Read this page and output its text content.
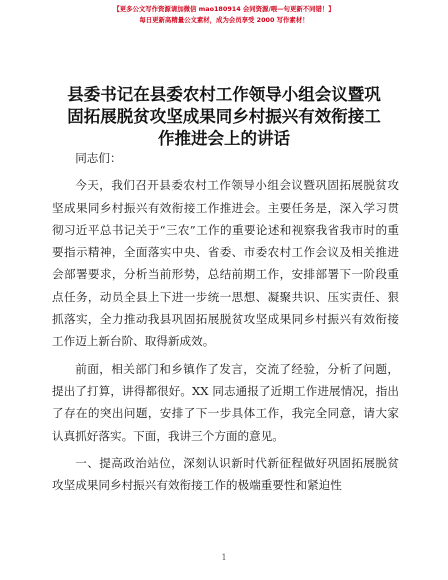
【更多公文写作资源请加微信 mao180914 会同资源/喂—句更新不同错！】
每日更新高精量公文素材，成为会员享受 2000 写作素材！
县委书记在县委农村工作领导小组会议暨巩固拓展脱贫攻坚成果同乡村振兴有效衔接工作推进会上的讲话

同志们：

今天，我们召开县委农村工作领导小组会议暨巩固拓展脱贫攻坚成果同乡村振兴有效衔接工作推进会。主要任务是，深入学习贯彻习近平总书记关于“三农”工作的重要论述和视察我省我市时的重要指示精神，全面落实中央、省委、市委农村工作会议及相关推进会部署要求，分析当前形势，总结前期工作，安排部署下一阶段重点任务，动员全县上下进一步统一思想、凝聚共识、压实责任、狠抓落实，全力推动我县巩固拓展脱贫攻坚成果同乡村振兴有效衔接工作迈上新台阶、取得新成效。

前面，相关部门和乡镇作了发言，交流了经验，分析了问题，提出了打算，讲得都很好。XX 同志通报了近期工作进展情况，指出了存在的突出问题，安排了下一步具体工作，我完全同意，请大家认真抓好落实。下面，我讲三个方面的意见。

一、提高政治站位，深刻认识新时代新征程做好巩固拓展脱贫攻坚成果同乡村振兴有效衔接工作的极端重要性和紧迫性

1
